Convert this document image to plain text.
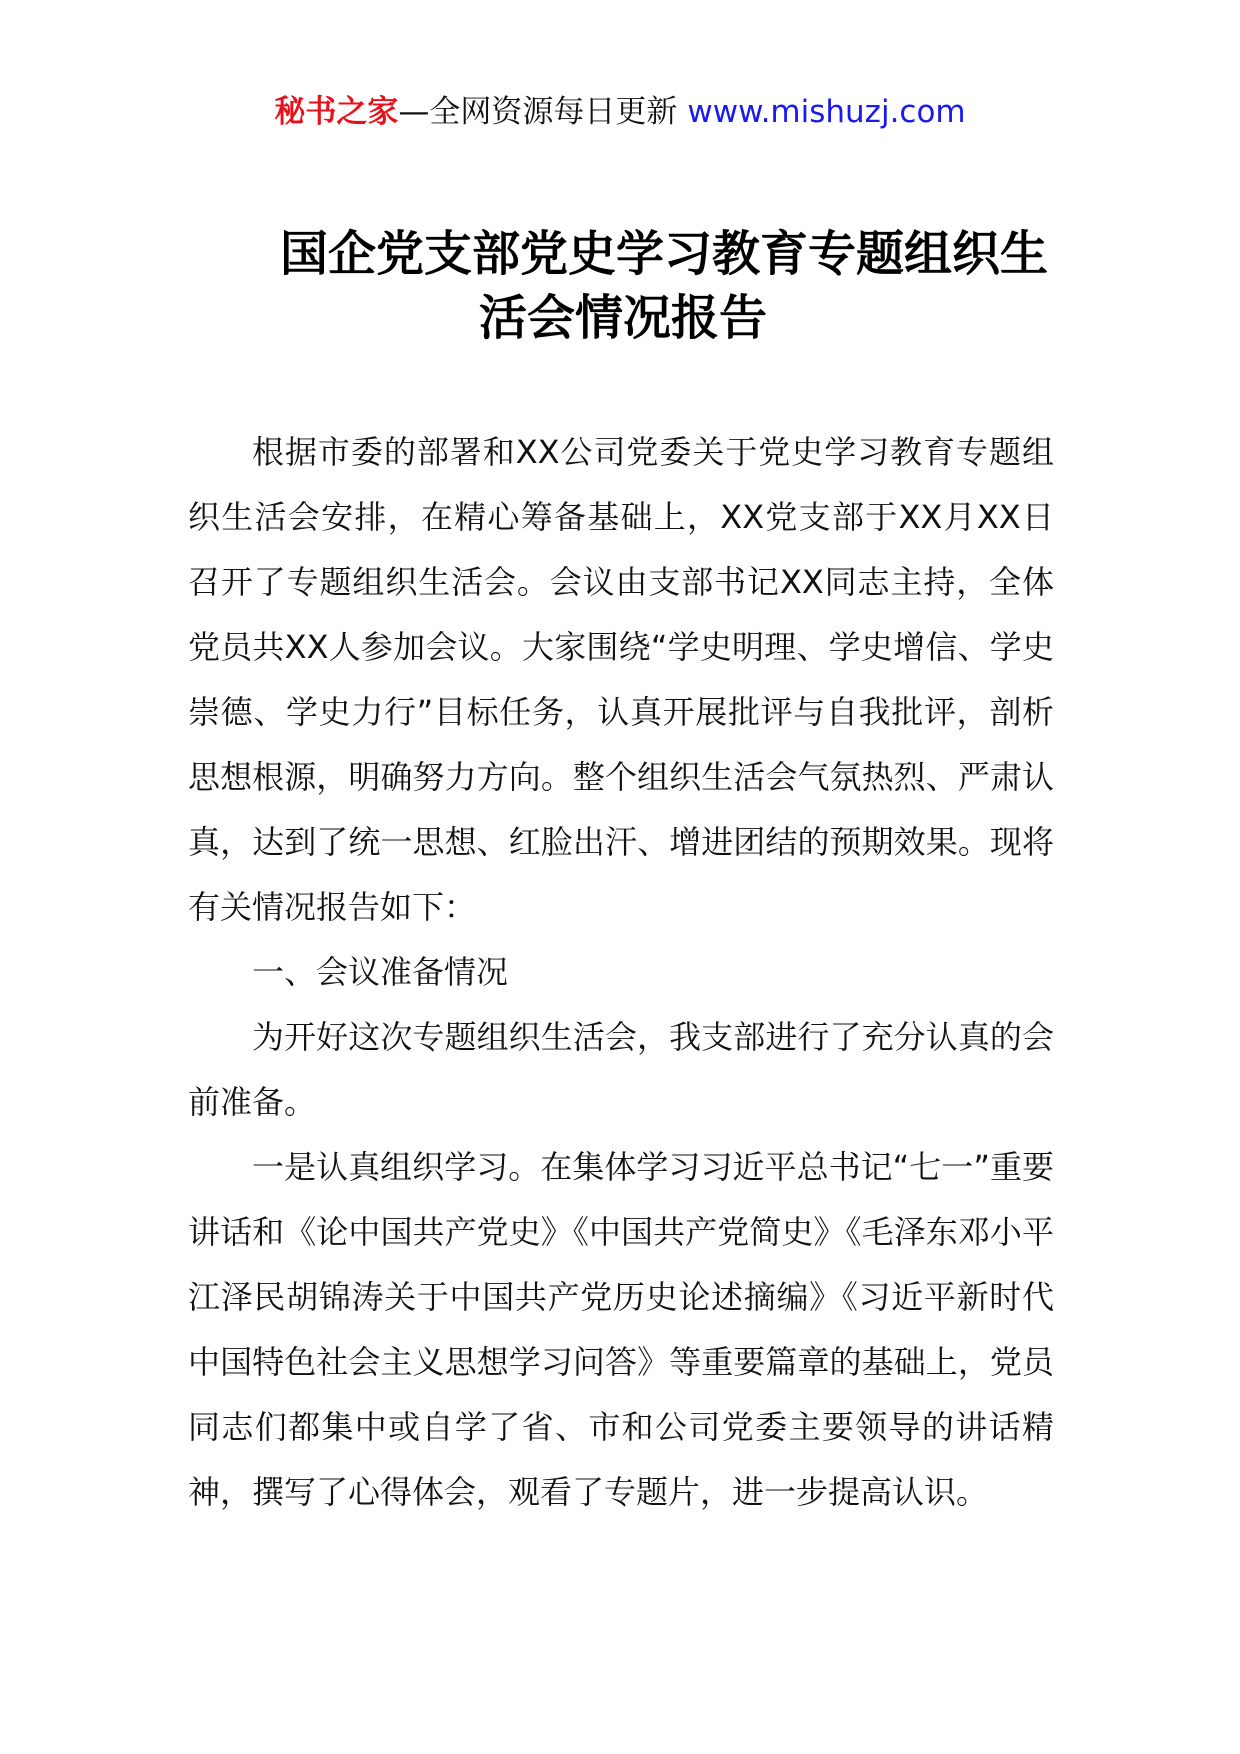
秘书之家—全网资源每日更新 www.mishuzj.com
国企党支部党史学习教育专题组织生
活会情况报告

根据市委的部署和XX公司党委关于党史学习教育专题组织生活会安排，在精心筹备基础上，XX党支部于XX月XX日召开了专题组织生活会。会议由支部书记XX同志主持，全体党员共XX人参加会议。大家围绕“学史明理、学史增信、学史崇德、学史力行”目标任务，认真开展批评与自我批评，剖析思想根源，明确努力方向。整个组织生活会气氛热烈、严肃认真，达到了统一思想、红脸出汗、增进团结的预期效果。现将有关情况报告如下：

一、会议准备情况

为开好这次专题组织生活会，我支部进行了充分认真的会前准备。

一是认真组织学习。在集体学习习近平总书记“七一”重要讲话和《论中国共产党史》《中国共产党简史》《毛泽东邓小平江泽民胡锦涛关于中国共产党历史论述摘编》《习近平新时代中国特色社会主义思想学习问答》等重要篇章的基础上，党员同志们都集中或自学了省、市和公司党委主要领导的讲话精神，撰写了心得体会，观看了专题片，进一步提高认识。
